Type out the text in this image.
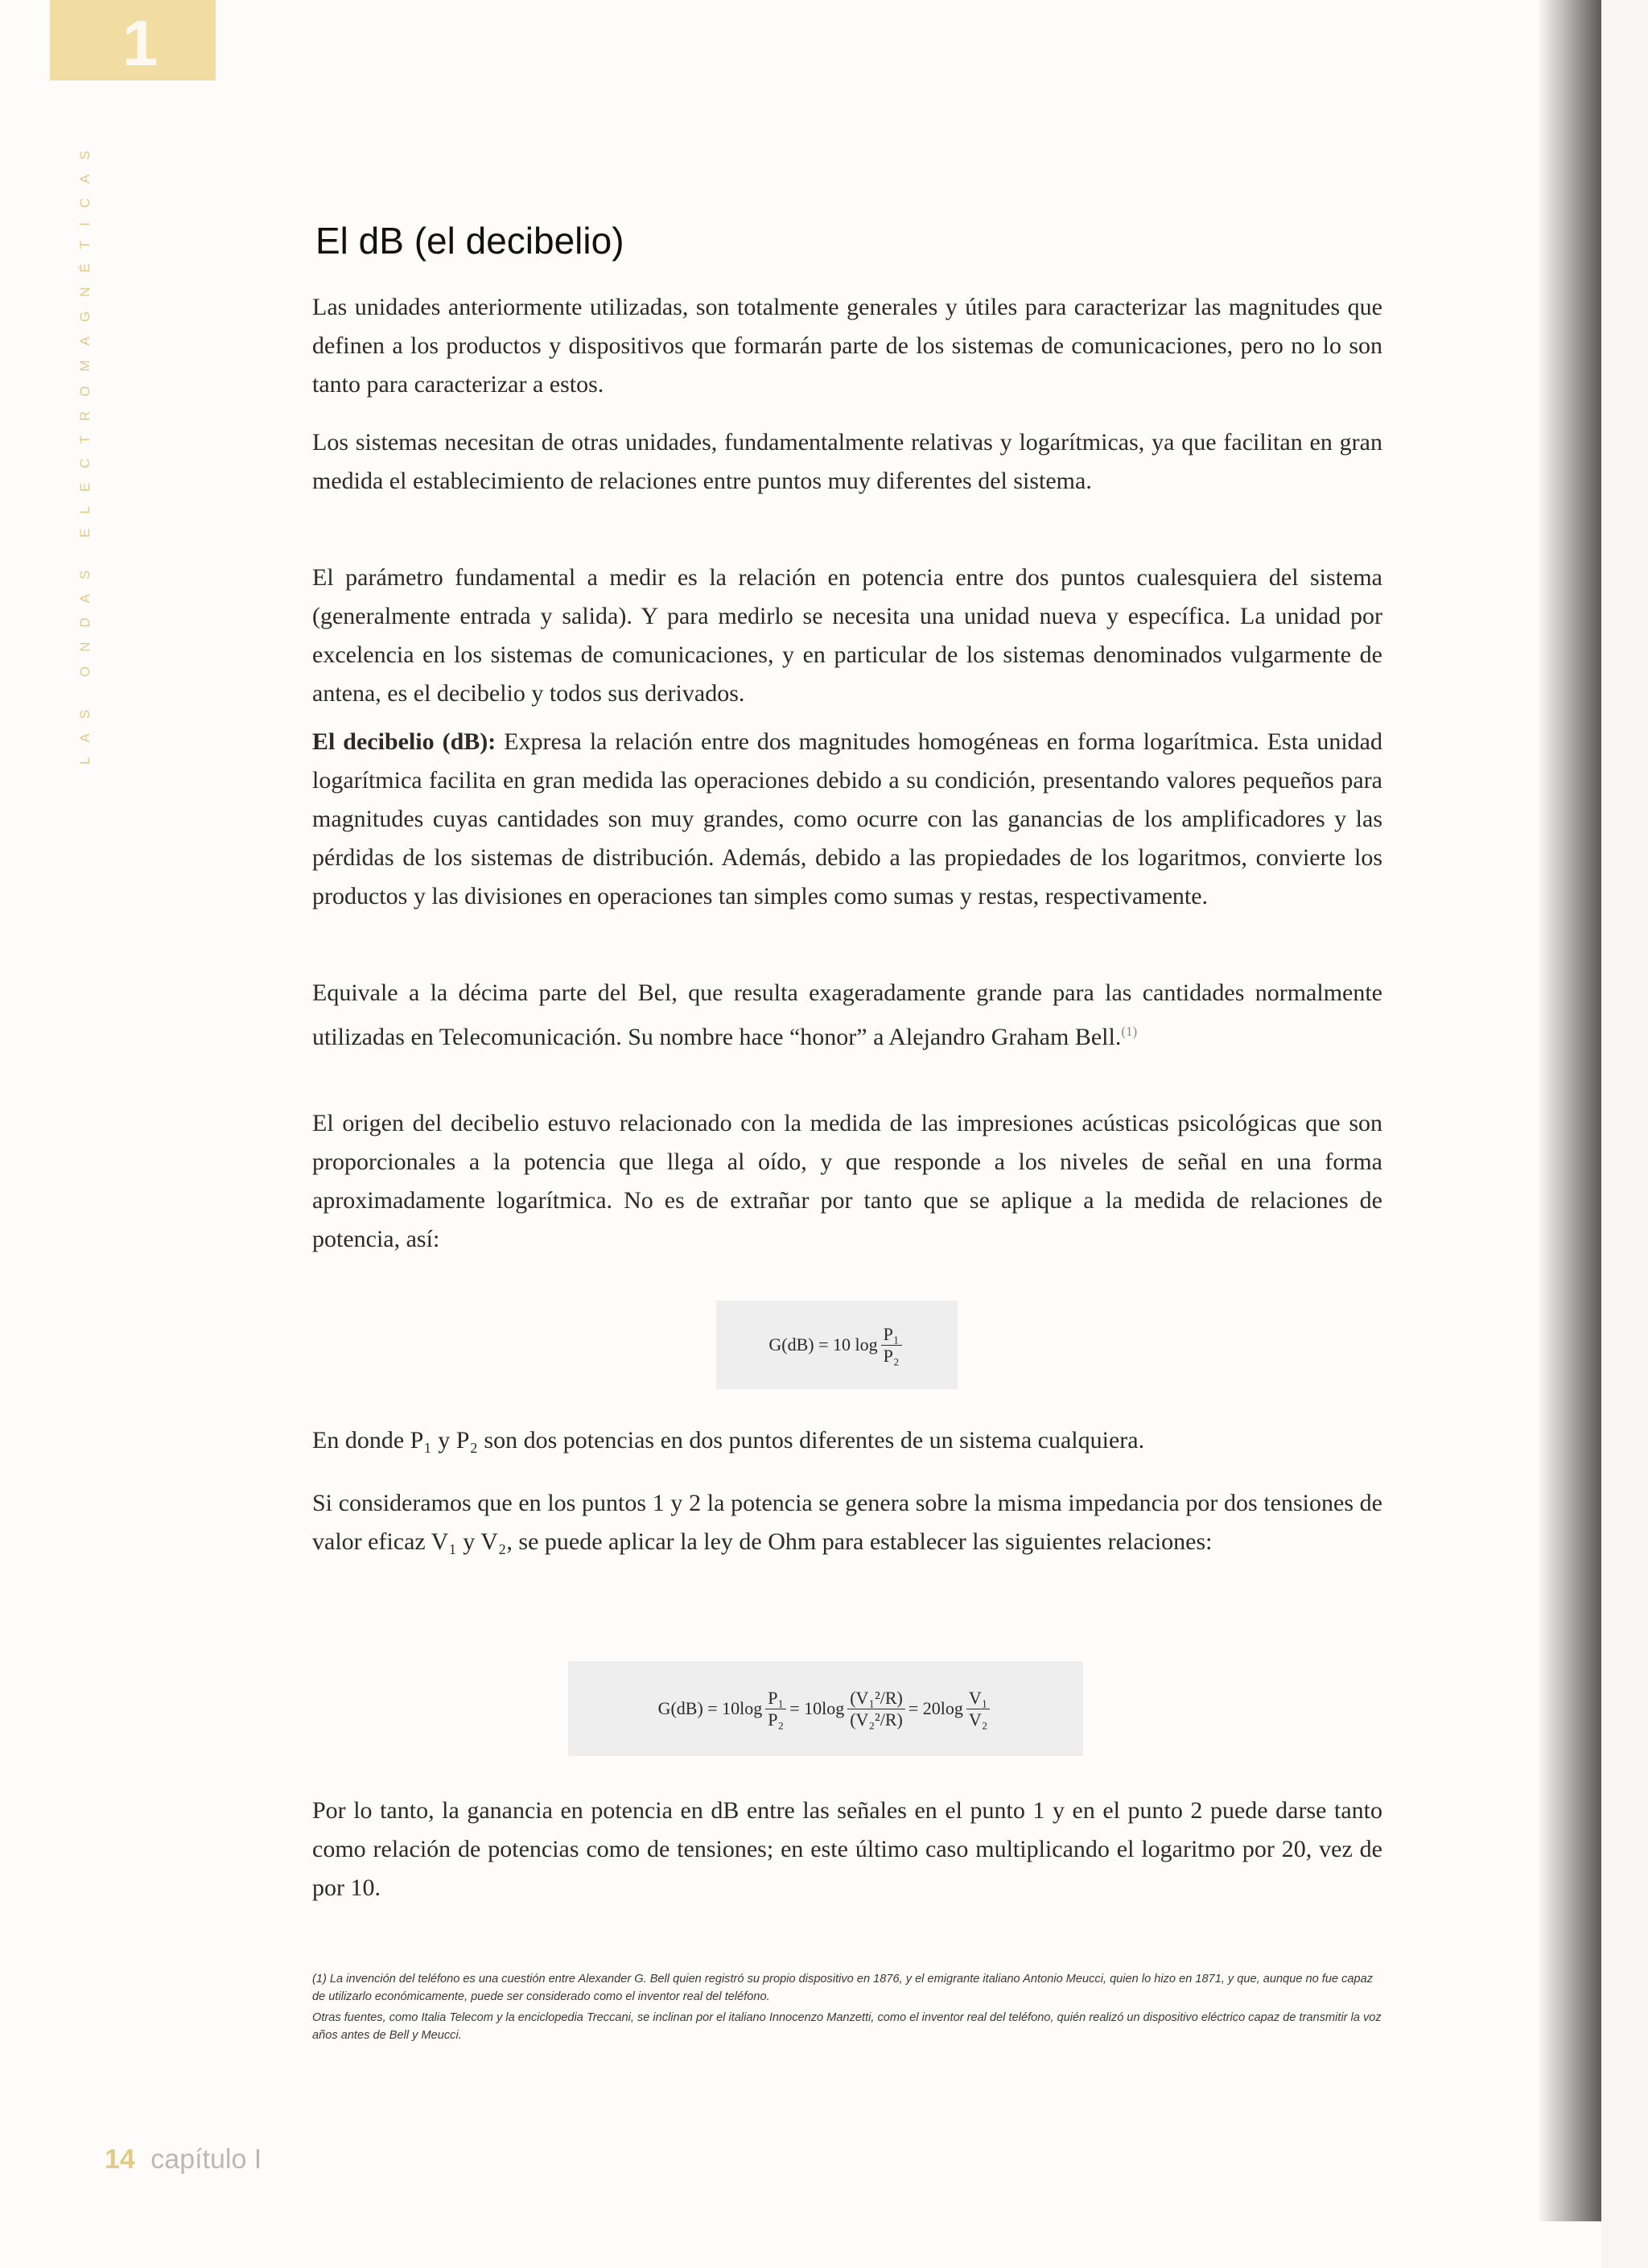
1
LAS ONDAS ELECTROMAGNÉTICAS	El dB (el decibelio)

Las unidades anteriormente utilizadas, son totalmente generales y útiles para caracterizar las magnitudes que definen a los productos y dispositivos que formarán parte de los sistemas de comunicaciones, pero no lo son tanto para caracterizar a estos.

Los sistemas necesitan de otras unidades, fundamentalmente relativas y logarítmicas, ya que facilitan en gran medida el establecimiento de relaciones entre puntos muy diferentes del sistema.

El parámetro fundamental a medir es la relación en potencia entre dos puntos cualesquiera del sistema (generalmente entrada y salida). Y para medirlo se necesita una unidad nueva y específica. La unidad por excelencia en los sistemas de comunicaciones, y en particular de los sistemas denominados vulgarmente de antena, es el decibelio y todos sus derivados.

El decibelio (dB): Expresa la relación entre dos magnitudes homogéneas en forma logarítmica. Esta unidad logarítmica facilita en gran medida las operaciones debido a su condición, presentando valores pequeños para magnitudes cuyas cantidades son muy grandes, como ocurre con las ganancias de los amplificadores y las pérdidas de los sistemas de distribución. Además, debido a las propiedades de los logaritmos, convierte los productos y las divisiones en operaciones tan simples como sumas y restas, respectivamente.

Equivale a la décima parte del Bel, que resulta exageradamente grande para las cantidades normalmente utilizadas en Telecomunicación. Su nombre hace “honor” a Alejandro Graham Bell.$^{(1)}$

El origen del decibelio estuvo relacionado con la medida de las impresiones acústicas psicológicas que son proporcionales a la potencia que llega al oído, y que responde a los niveles de señal en una forma aproximadamente logarítmica. No es de extrañar por tanto que se aplique a la medida de relaciones de potencia, así:

G(dB) = 10 $\log \frac{\text{P₁}}{\text{P₂}}$

En donde P₁ y P₂ son dos potencias en dos puntos diferentes de un sistema cualquiera.

Si consideramos que en los puntos 1 y 2 la potencia se genera sobre la misma impedancia por dos tensiones de valor eficaz V₁ y V₂, se puede aplicar la ley de Ohm para establecer las siguientes relaciones:

$G(dB) = 10\log \frac{\text{P₁}}{\text{P₂}} = 10\log \frac{\text{(V₁²/R)}}{\text{(V₂²/R)}} = 20\log \frac{\text{V₁}}{\text{V₂}}$

Por lo tanto, la ganancia en potencia en dB entre las señales en el punto 1 y en el punto 2 puede darse tanto como relación de potencias como de tensiones; en este último caso multiplicando el logaritmo por 20, vez de por 10.

(1) La invención del teléfono es una cuestión entre Alexander G. Bell quien registró su propio dispositivo en 1876, y el emigrante italiano Antonio Meucci, quien lo hizo en 1871, y que, aunque no fue capaz de utilizarlo económicamente, puede ser considerado como el inventor real del teléfono.

Otras fuentes, como Italia Telecom y la enciclopedia Treccani, se inclinan por el italiano Innocenzo Manzetti, como el inventor real del teléfono, quién realizó un dispositivo eléctrico capaz de transmitir la voz años antes de Bell y Meucci.

14 capítulo I
